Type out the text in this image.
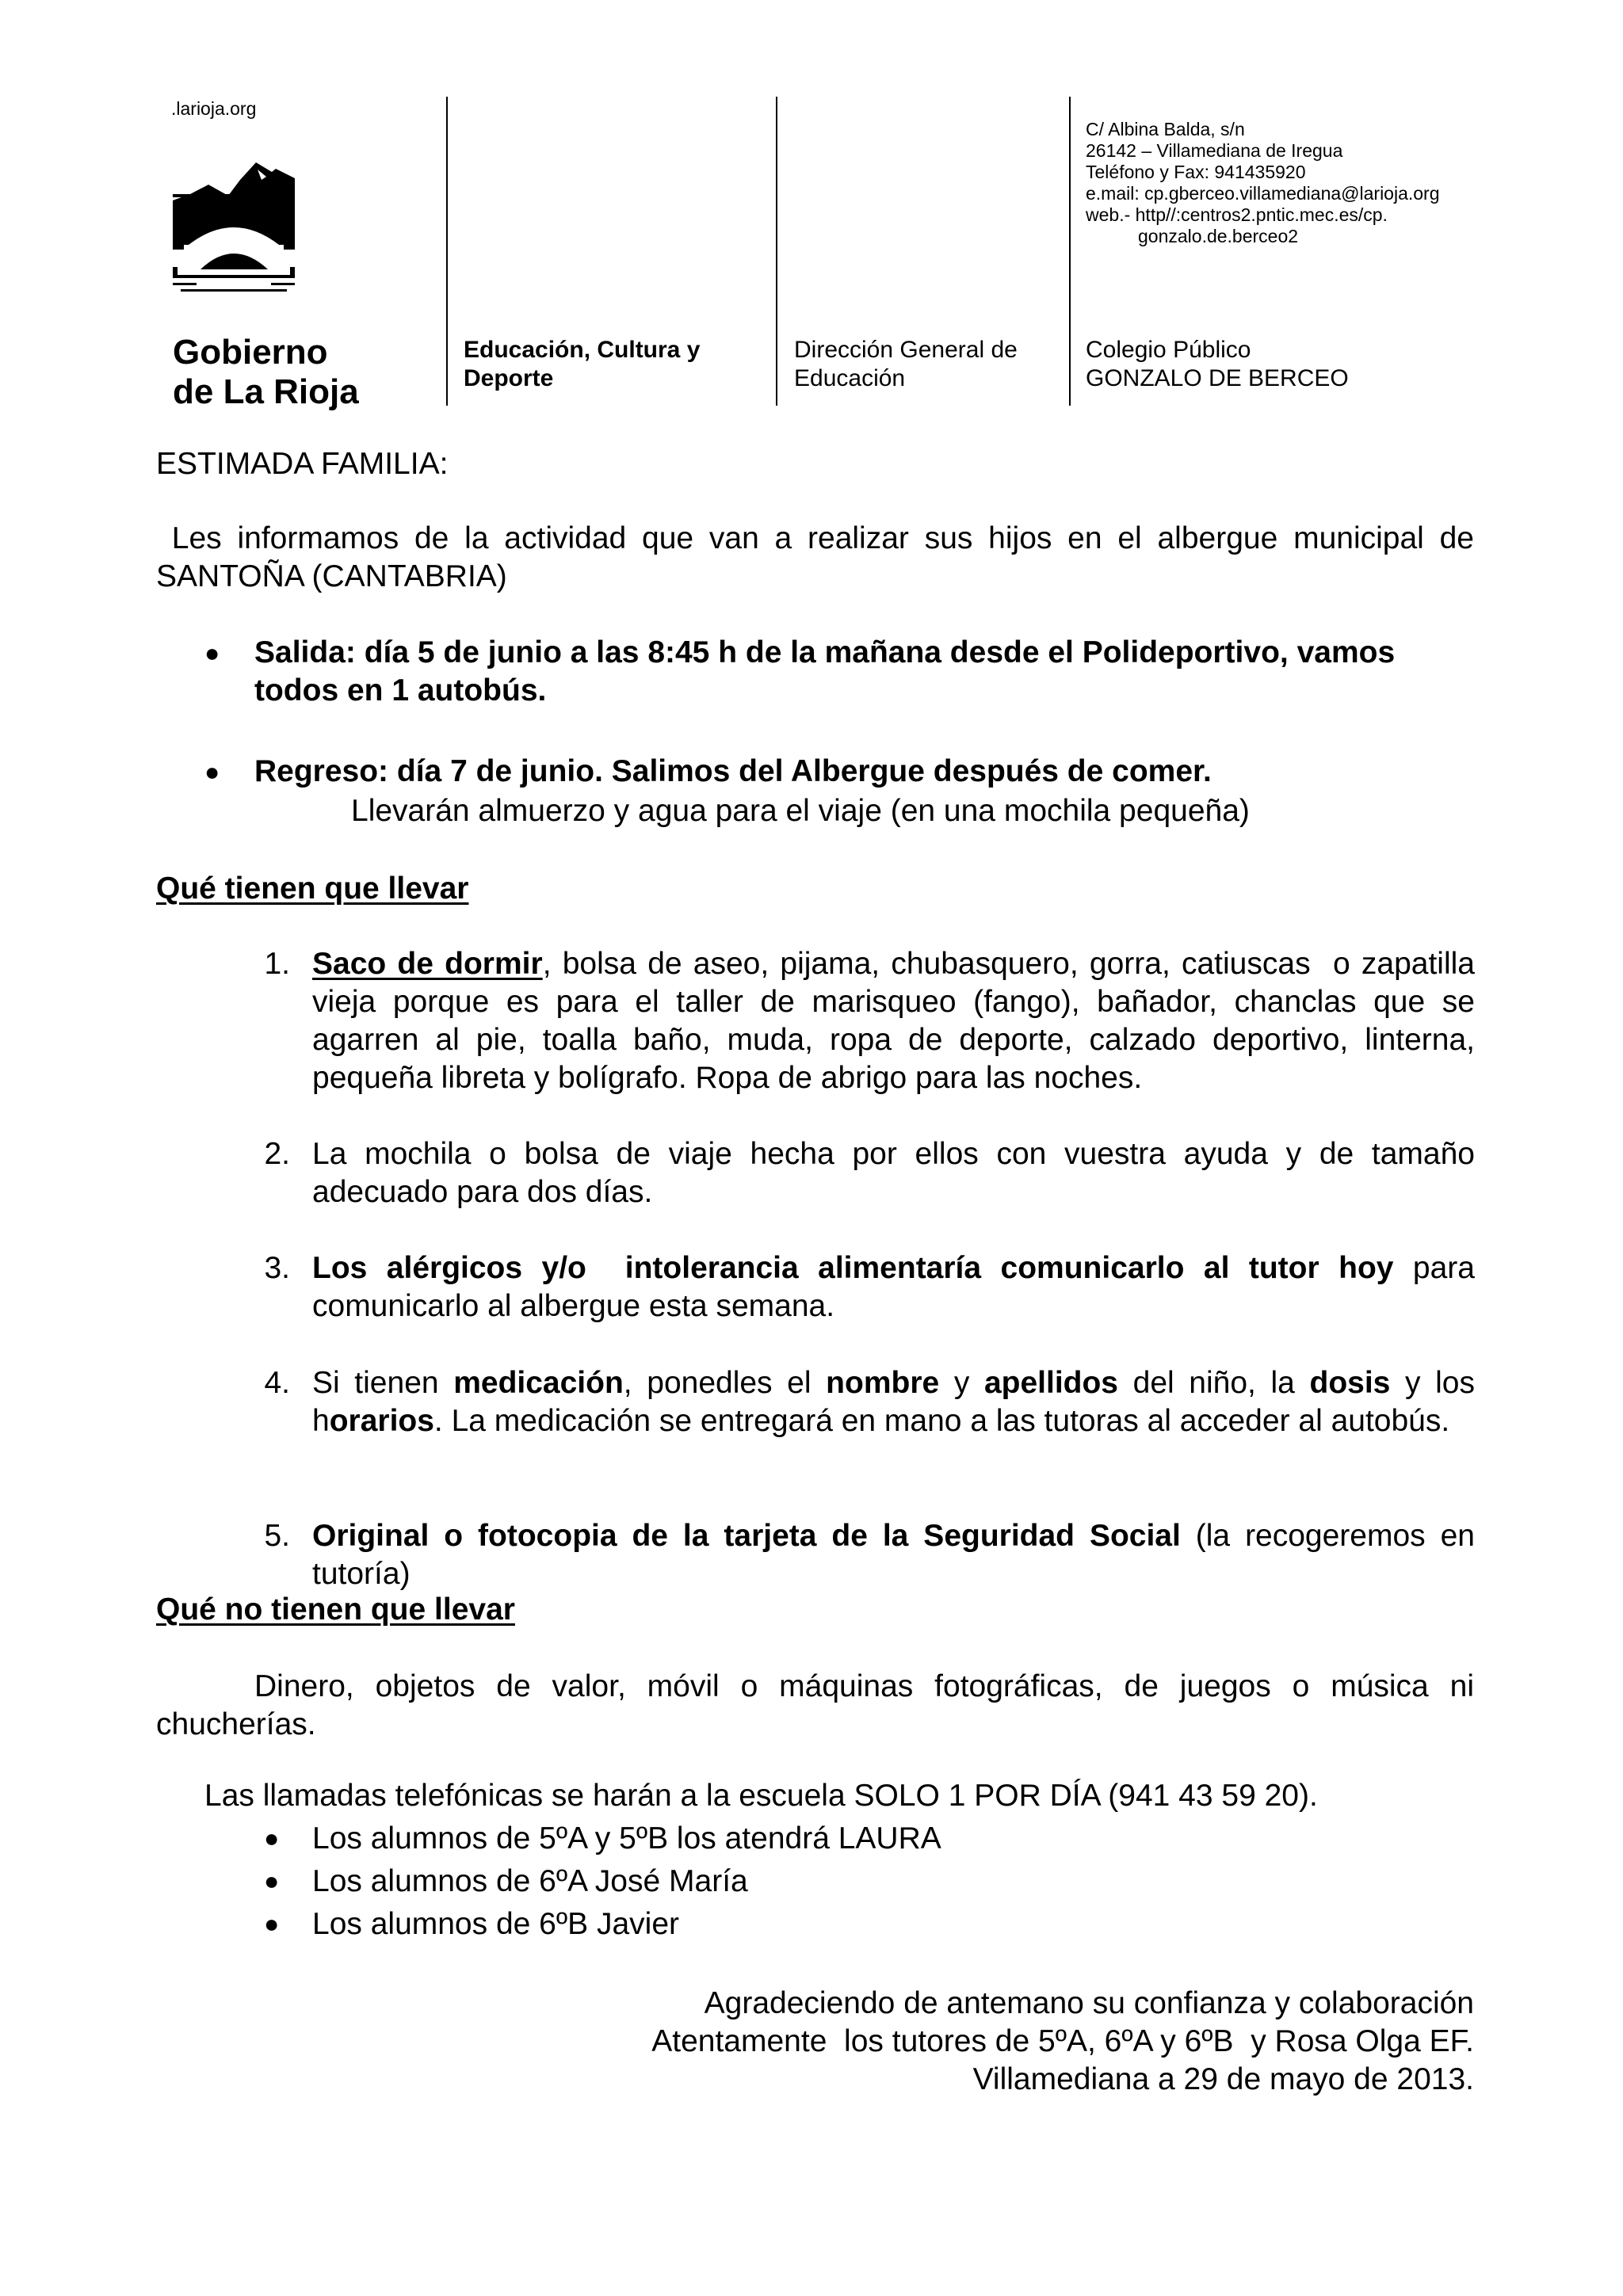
.larioja.org
Gobierno
de La Rioja
Educación, Cultura y
Deporte
Dirección General de
Educación
C/ Albina Balda, s/n
26142 – Villamediana de Iregua
Teléfono y Fax: 941435920
e.mail: cp.gberceo.villamediana@larioja.org
web.- http//:centros2.pntic.mec.es/cp.
gonzalo.de.berceo2
Colegio Público
GONZALO DE BERCEO
ESTIMADA FAMILIA:
Les informamos de la actividad que van a realizar sus hijos en el albergue municipal de SANTOÑA (CANTABRIA)
● Salida: día 5 de junio a las 8:45 h de la mañana desde el Polideportivo, vamos todos en 1 autobús.
● Regreso: día 7 de junio. Salimos del Albergue después de comer.
Llevarán almuerzo y agua para el viaje (en una mochila pequeña)
Qué tienen que llevar
1. Saco de dormir, bolsa de aseo, pijama, chubasquero, gorra, catiuscas  o zapatilla vieja porque es para el taller de marisqueo (fango), bañador, chanclas que se agarren al pie, toalla baño, muda, ropa de deporte, calzado deportivo, linterna, pequeña libreta y bolígrafo. Ropa de abrigo para las noches.

2. La mochila o bolsa de viaje hecha por ellos con vuestra ayuda y de tamaño adecuado para dos días.
3. Los alérgicos y/o  intolerancia alimentaría comunicarlo al tutor hoy para comunicarlo al albergue esta semana.

4. Si tienen medicación, ponedles el nombre y apellidos del niño, la dosis y los horarios. La medicación se entregará en mano a las tutoras al acceder al autobús.

5. Original o fotocopia de la tarjeta de la Seguridad Social (la recogeremos en tutoría)

Qué no tienen que llevar
Dinero, objetos de valor, móvil o máquinas fotográficas, de juegos o música ni chucherías.
Las llamadas telefónicas se harán a la escuela SOLO 1 POR DÍA (941 43 59 20).
● Los alumnos de 5ºA y 5ºB los atendrá LAURA
● Los alumnos de 6ºA José María
● Los alumnos de 6ºB Javier
Agradeciendo de antemano su confianza y colaboración
Atentamente  los tutores de 5ºA, 6ºA y 6ºB  y Rosa Olga EF.
Villamediana a 29 de mayo de 2013.
